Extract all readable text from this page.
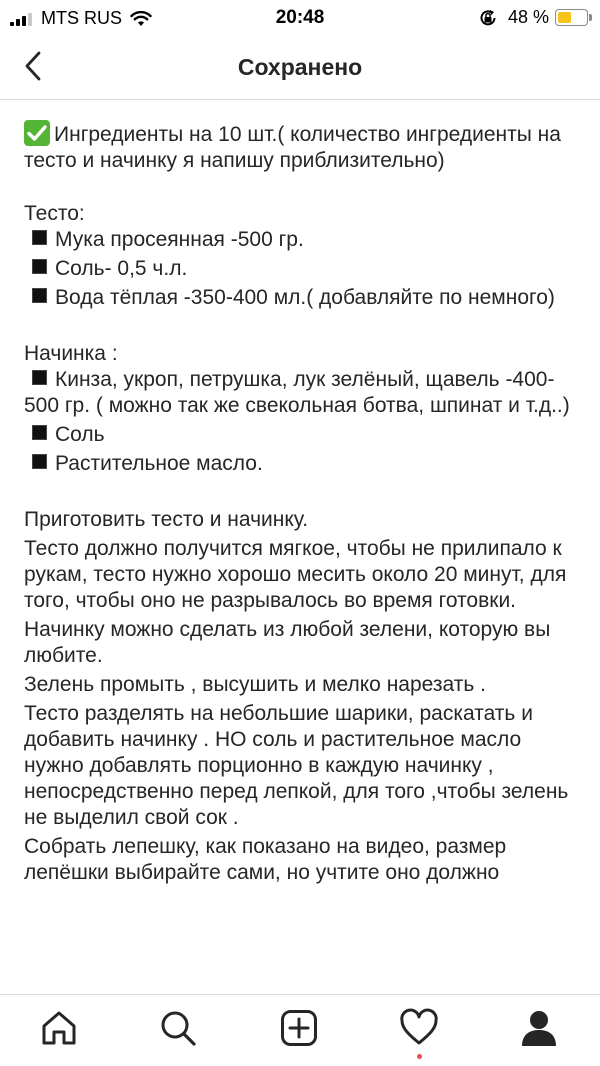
MTS RUS	20:48	48 %
Сохранено

Ингредиенты на 10 шт.( количество ингредиенты на тесто и начинку я напишу приблизительно)

Тесто:

Мука просеянная -500 гр.

Соль- 0,5 ч.л.

Вода тёплая -350-400 мл.( добавляйте по немного)

Начинка :

Кинза, укроп, петрушка, лук зелёный, щавель -400-500 гр. ( можно так же свекольная ботва, шпинат и т.д..)

Соль

Растительное масло.

Приготовить тесто и начинку.

Тесто должно получится мягкое, чтобы не прилипало к рукам, тесто нужно хорошо месить около 20 минут, для того, чтобы оно не разрывалось во время готовки.

Начинку можно сделать из любой зелени, которую вы любите.

Зелень промыть , высушить и мелко нарезать .

Тесто разделять на небольшие шарики, раскатать и добавить начинку . НО соль и растительное масло нужно добавлять порционно в каждую начинку , непосредственно перед лепкой, для того ,чтобы зелень не выделил свой сок .

Собрать лепешку, как показано на видео, размер лепёшки выбирайте сами, но учтите оно должно
